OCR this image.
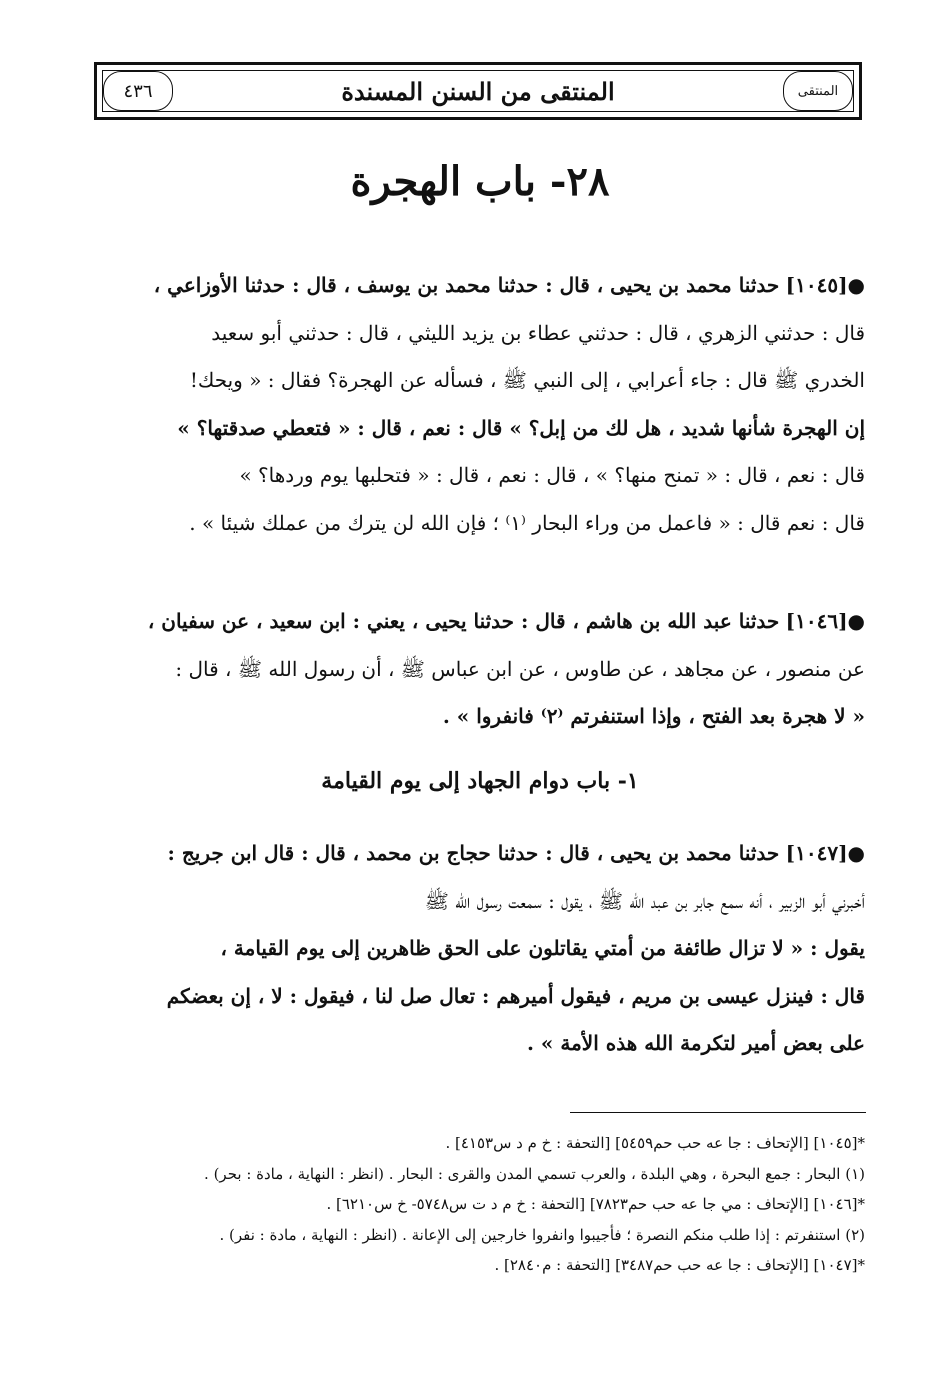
٤٣٦	المنتقى من السنن المسندة	المنتقى
٢٨- باب الهجرة
●[١٠٤٥] حدثنا محمد بن يحيى ، قال : حدثنا محمد بن يوسف ، قال : حدثنا الأوزاعي ،
قال : حدثني الزهري ، قال : حدثني عطاء بن يزيد الليثي ، قال : حدثني أبو سعيد
الخدري ﷺ قال : جاء أعرابي ، إلى النبي ﷺ ، فسأله عن الهجرة؟ فقال : « ويحك!
إن الهجرة شأنها شديد ، هل لك من إبل؟ » قال : نعم ، قال : « فتعطي صدقتها؟ »
قال : نعم ، قال : « تمنح منها؟ » ، قال : نعم ، قال : « فتحلبها يوم وردها؟ »
قال : نعم قال : « فاعمل من وراء البحار ⁽١⁾ ؛ فإن الله لن يترك من عملك شيئا » .
●[١٠٤٦] حدثنا عبد الله بن هاشم ، قال : حدثنا يحيى ، يعني : ابن سعيد ، عن سفيان ،
عن منصور ، عن مجاهد ، عن طاوس ، عن ابن عباس ﷺ ، أن رسول الله ﷺ ، قال :
« لا هجرة بعد الفتح ، وإذا استنفرتم ⁽٢⁾ فانفروا » .
١- باب دوام الجهاد إلى يوم القيامة
●[١٠٤٧] حدثنا محمد بن يحيى ، قال : حدثنا حجاج بن محمد ، قال : قال ابن جريج :
أخبرني أبو الزبير ، أنه سمع جابر بن عبد الله ﷺ ، يقول : سمعت رسول الله ﷺ
يقول : « لا تزال طائفة من أمتي يقاتلون على الحق ظاهرين إلى يوم القيامة ،
قال : فينزل عيسى بن مريم ، فيقول أميرهم : تعال صل لنا ، فيقول : لا ، إن بعضكم
على بعض أمير لتكرمة الله هذه الأمة » .
*[١٠٤٥] [الإتحاف : جا عه حب حم٥٤٥٩] [التحفة : خ م د س٤١٥٣] .
(١) البحار : جمع البحرة ، وهي البلدة ، والعرب تسمي المدن والقرى : البحار . (انظر : النهاية ، مادة : بحر) .
*[١٠٤٦] [الإتحاف : مي جا عه حب حم٧٨٢٣] [التحفة : خ م د ت س٥٧٤٨- خ س٦٢١٠] .
(٢) استنفرتم : إذا طلب منكم النصرة ؛ فأجيبوا وانفروا خارجين إلى الإعانة . (انظر : النهاية ، مادة : نفر) .
*[١٠٤٧] [الإتحاف : جا عه حب حم٣٤٨٧] [التحفة : م٢٨٤٠] .
